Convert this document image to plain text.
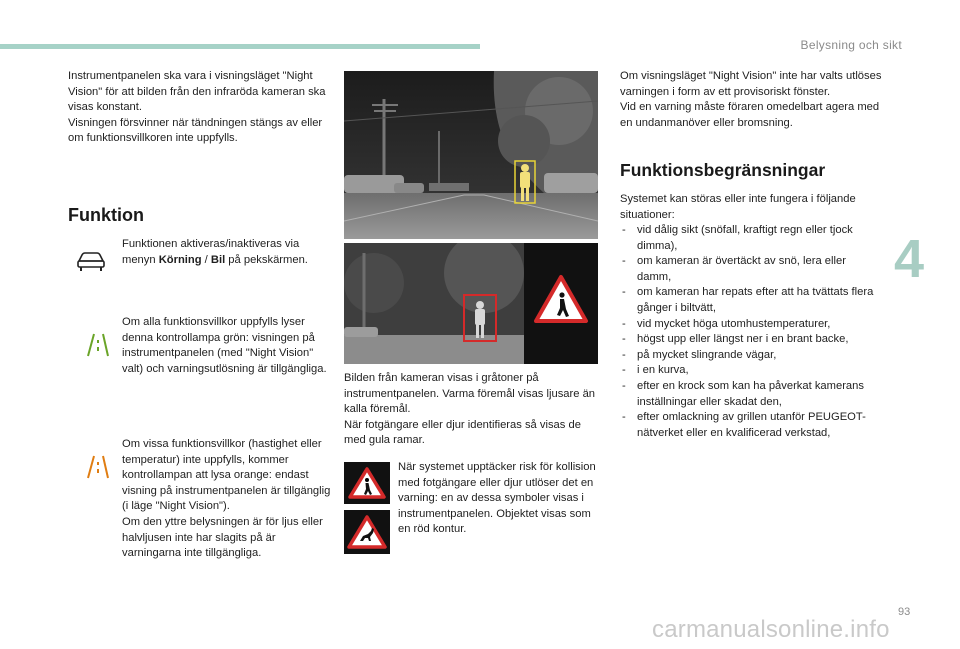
Belysning och sikt
4
Instrumentpanelen ska vara i visningsläget "Night Vision" för att bilden från den infraröda kameran ska visas konstant.
Visningen försvinner när tändningen stängs av eller om funktionsvillkoren inte uppfylls.
Funktion
Funktionen aktiveras/inaktiveras via menyn Körning / Bil på pekskärmen.
Om alla funktionsvillkor uppfylls lyser denna kontrollampa grön: visningen på instrumentpanelen (med "Night Vision" valt) och varningsutlösning är tillgängliga.
Om vissa funktionsvillkor (hastighet eller temperatur) inte uppfylls, kommer kontrollampan att lysa orange: endast visning på instrumentpanelen är tillgänglig (i läge "Night Vision").
Om den yttre belysningen är för ljus eller halvljusen inte har slagits på är varningarna inte tillgängliga.
Bilden från kameran visas i gråtoner på instrumentpanelen. Varma föremål visas ljusare än kalla föremål.
När fotgängare eller djur identifieras så visas de med gula ramar.
När systemet upptäcker risk för kollision med fotgängare eller djur utlöser det en varning: en av dessa symboler visas i instrumentpanelen. Objektet visas som en röd kontur.
Om visningsläget "Night Vision" inte har valts utlöses varningen i form av ett provisoriskt fönster.
Vid en varning måste föraren omedelbart agera med en undanmanöver eller bromsning.
Funktionsbegränsningar
Systemet kan störas eller inte fungera i följande situationer:
- vid dålig sikt (snöfall, kraftigt regn eller tjock dimma),
- om kameran är övertäckt av snö, lera eller damm,
- om kameran har repats efter att ha tvättats flera gånger i biltvätt,
- vid mycket höga utomhustemperaturer,
- högst upp eller längst ner i en brant backe,
- på mycket slingrande vägar,
- i en kurva,
- efter en krock som kan ha påverkat kamerans inställningar eller skadat den,
- efter omlackning av grillen utanför PEUGEOT-nätverket eller en kvalificerad verkstad,
93
carmanualsonline.info
